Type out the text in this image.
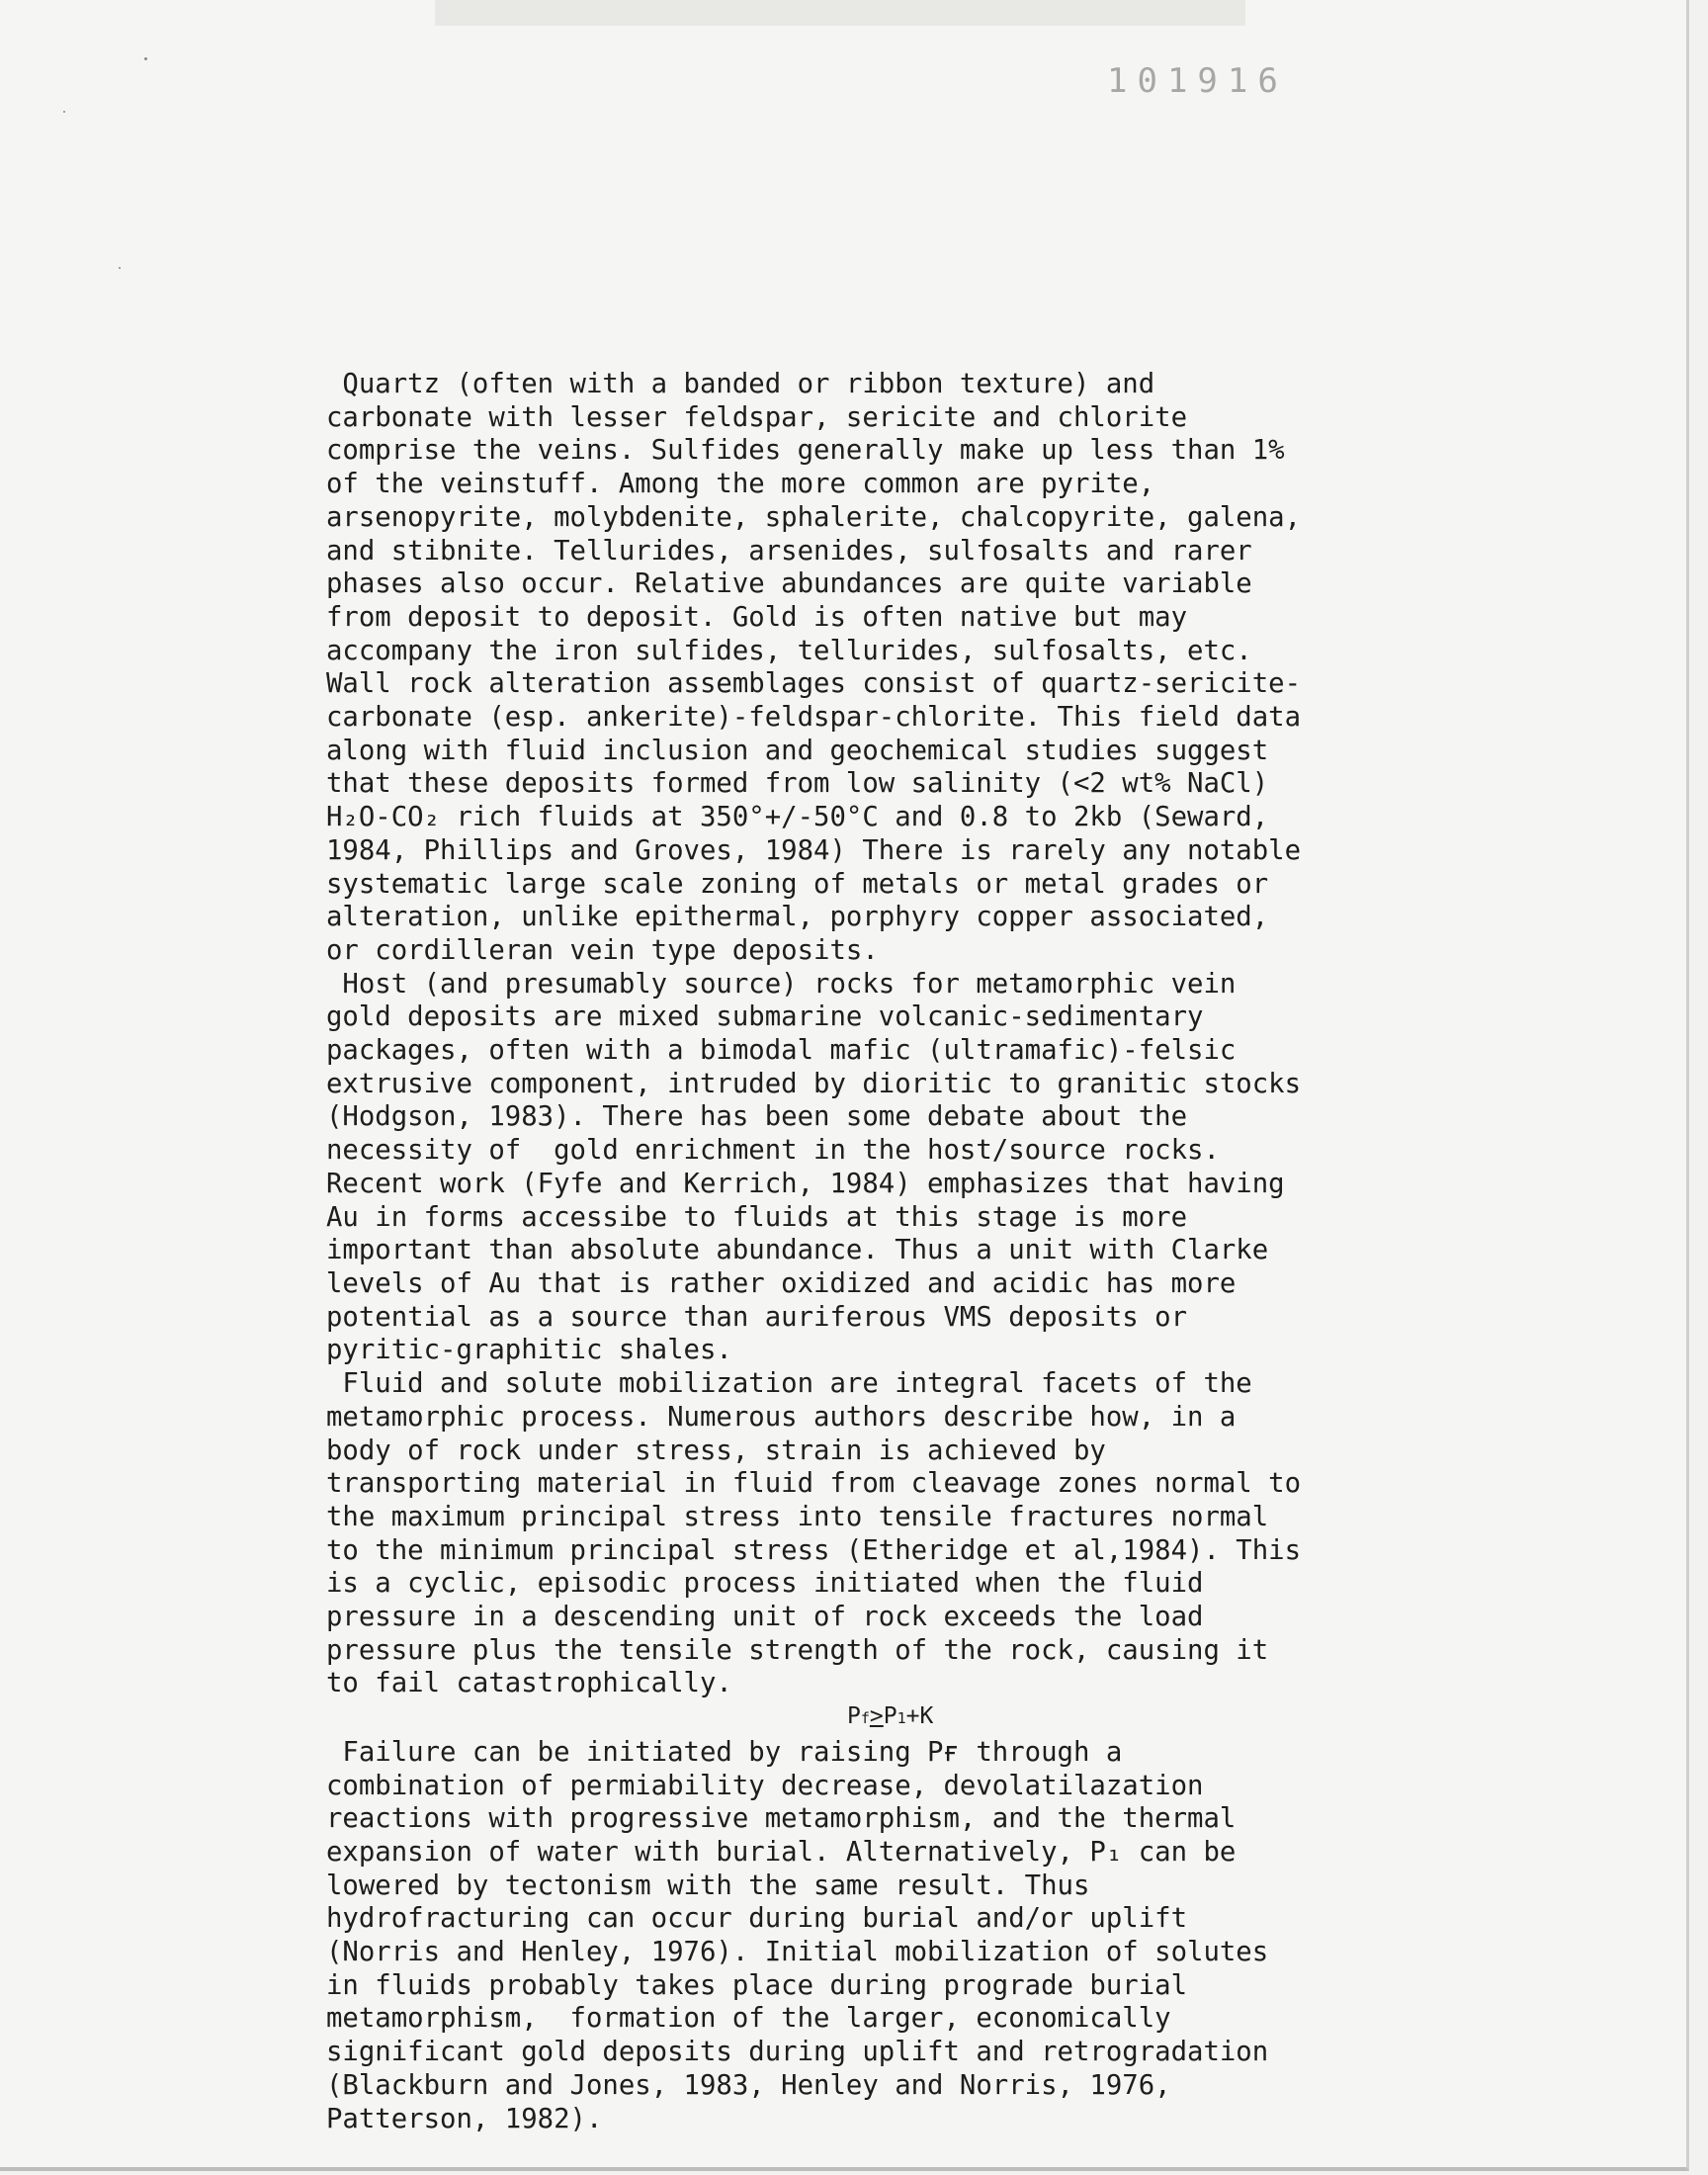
101916
Quartz (often with a banded or ribbon texture) and
carbonate with lesser feldspar, sericite and chlorite
comprise the veins. Sulfides generally make up less than 1%
of the veinstuff. Among the more common are pyrite,
arsenopyrite, molybdenite, sphalerite, chalcopyrite, galena,
and stibnite. Tellurides, arsenides, sulfosalts and rarer
phases also occur. Relative abundances are quite variable
from deposit to deposit. Gold is often native but may
accompany the iron sulfides, tellurides, sulfosalts, etc.
Wall rock alteration assemblages consist of quartz-sericite-
carbonate (esp. ankerite)-feldspar-chlorite. This field data
along with fluid inclusion and geochemical studies suggest
that these deposits formed from low salinity (<2 wt% NaCl)
H₂O-CO₂ rich fluids at 350°+/-50°C and 0.8 to 2kb (Seward,
1984, Phillips and Groves, 1984) There is rarely any notable
systematic large scale zoning of metals or metal grades or
alteration, unlike epithermal, porphyry copper associated,
or cordilleran vein type deposits.
Host (and presumably source) rocks for metamorphic vein
gold deposits are mixed submarine volcanic-sedimentary
packages, often with a bimodal mafic (ultramafic)-felsic
extrusive component, intruded by dioritic to granitic stocks
(Hodgson, 1983). There has been some debate about the
necessity of  gold enrichment in the host/source rocks.
Recent work (Fyfe and Kerrich, 1984) emphasizes that having
Au in forms accessibe to fluids at this stage is more
important than absolute abundance. Thus a unit with Clarke
levels of Au that is rather oxidized and acidic has more
potential as a source than auriferous VMS deposits or
pyritic-graphitic shales.
Fluid and solute mobilization are integral facets of the
metamorphic process. Numerous authors describe how, in a
body of rock under stress, strain is achieved by
transporting material in fluid from cleavage zones normal to
the maximum principal stress into tensile fractures normal
to the minimum principal stress (Etheridge et al,1984). This
is a cyclic, episodic process initiated when the fluid
pressure in a descending unit of rock exceeds the load
pressure plus the tensile strength of the rock, causing it
to fail catastrophically.
Pf≥P1+K
Failure can be initiated by raising Pғ through a
combination of permiability decrease, devolatilazation
reactions with progressive metamorphism, and the thermal
expansion of water with burial. Alternatively, P₁ can be
lowered by tectonism with the same result. Thus
hydrofracturing can occur during burial and/or uplift
(Norris and Henley, 1976). Initial mobilization of solutes
in fluids probably takes place during prograde burial
metamorphism,  formation of the larger, economically
significant gold deposits during uplift and retrogradation
(Blackburn and Jones, 1983, Henley and Norris, 1976,
Patterson, 1982).
